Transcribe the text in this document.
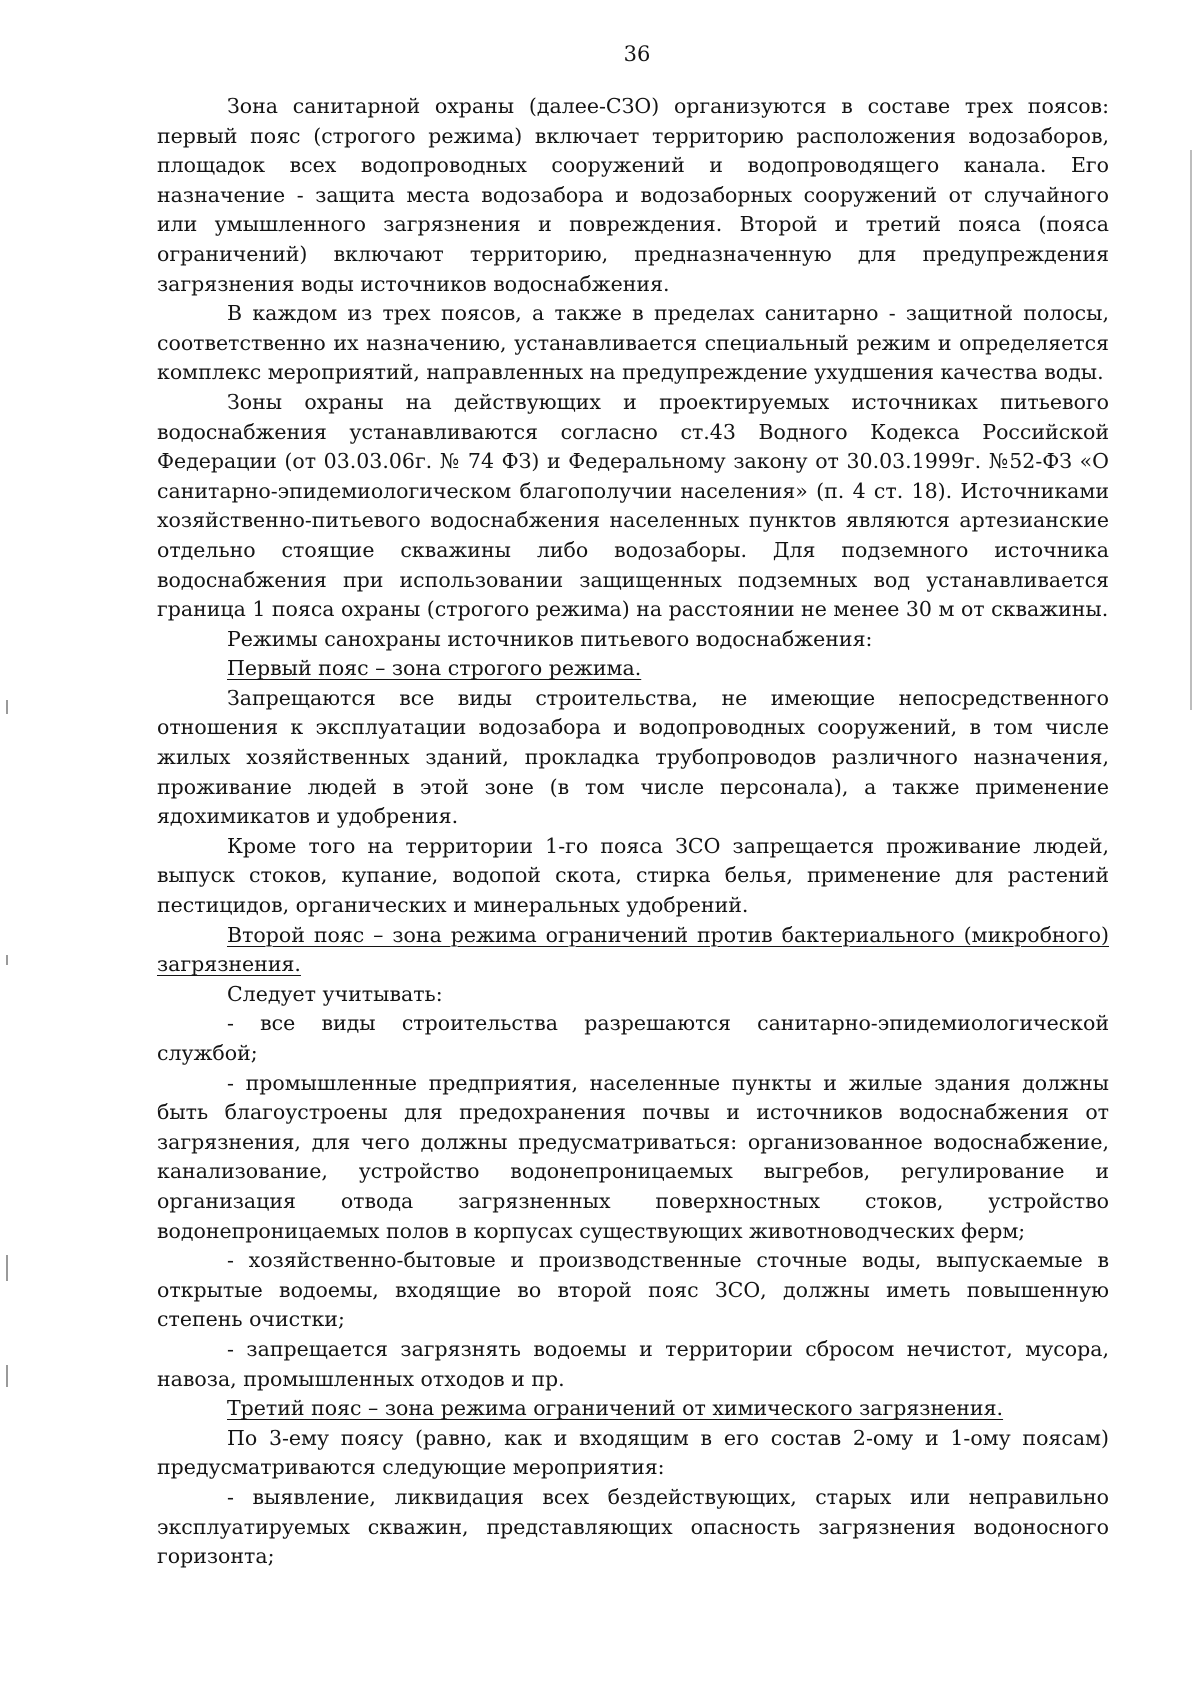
36

Зона санитарной охраны (далее-СЗО) организуются в составе трех поясов: первый пояс (строгого режима) включает территорию расположения водозаборов, площадок всех водопроводных сооружений и водопроводящего канала. Его назначение - защита места водозабора и водозаборных сооружений от случайного или умышленного загрязнения и повреждения. Второй и третий пояса (пояса ограничений) включают территорию, предназначенную для предупреждения загрязнения воды источников водоснабжения.

В каждом из трех поясов, а также в пределах санитарно - защитной полосы, соответственно их назначению, устанавливается специальный режим и определяется комплекс мероприятий, направленных на предупреждение ухудшения качества воды.

Зоны охраны на действующих и проектируемых источниках питьевого водоснабжения устанавливаются согласно ст.43 Водного Кодекса Российской Федерации (от 03.03.06г. № 74 ФЗ) и Федеральному закону от 30.03.1999г. №52-ФЗ «О санитарно-эпидемиологическом благополучии населения» (п. 4 ст. 18). Источниками хозяйственно-питьевого водоснабжения населенных пунктов являются артезианские отдельно стоящие скважины либо водозаборы. Для подземного источника водоснабжения при использовании защищенных подземных вод устанавливается граница 1 пояса охраны (строгого режима) на расстоянии не менее 30 м от скважины.

Режимы санохраны источников питьевого водоснабжения:

Первый пояс – зона строгого режима.

Запрещаются все виды строительства, не имеющие непосредственного отношения к эксплуатации водозабора и водопроводных сооружений, в том числе жилых хозяйственных зданий, прокладка трубопроводов различного назначения, проживание людей в этой зоне (в том числе персонала), а также применение ядохимикатов и удобрения.

Кроме того на территории 1-го пояса ЗСО запрещается проживание людей, выпуск стоков, купание, водопой скота, стирка белья, применение для растений пестицидов, органических и минеральных удобрений.

Второй пояс – зона режима ограничений против бактериального (микробного) загрязнения.

Следует учитывать:

- все виды строительства разрешаются санитарно-эпидемиологической службой;

- промышленные предприятия, населенные пункты и жилые здания должны быть благоустроены для предохранения почвы и источников водоснабжения от загрязнения, для чего должны предусматриваться: организованное водоснабжение, канализование, устройство водонепроницаемых выгребов, регулирование и организация отвода загрязненных поверхностных стоков, устройство водонепроницаемых полов в корпусах существующих животноводческих ферм;

- хозяйственно-бытовые и производственные сточные воды, выпускаемые в открытые водоемы, входящие во второй пояс ЗСО, должны иметь повышенную степень очистки;

- запрещается загрязнять водоемы и территории сбросом нечистот, мусора, навоза, промышленных отходов и пр.

Третий пояс – зона режима ограничений от химического загрязнения.

По 3-ему поясу (равно, как и входящим в его состав 2-ому и 1-ому поясам) предусматриваются следующие мероприятия:

- выявление, ликвидация всех бездействующих, старых или неправильно эксплуатируемых скважин, представляющих опасность загрязнения водоносного горизонта;
